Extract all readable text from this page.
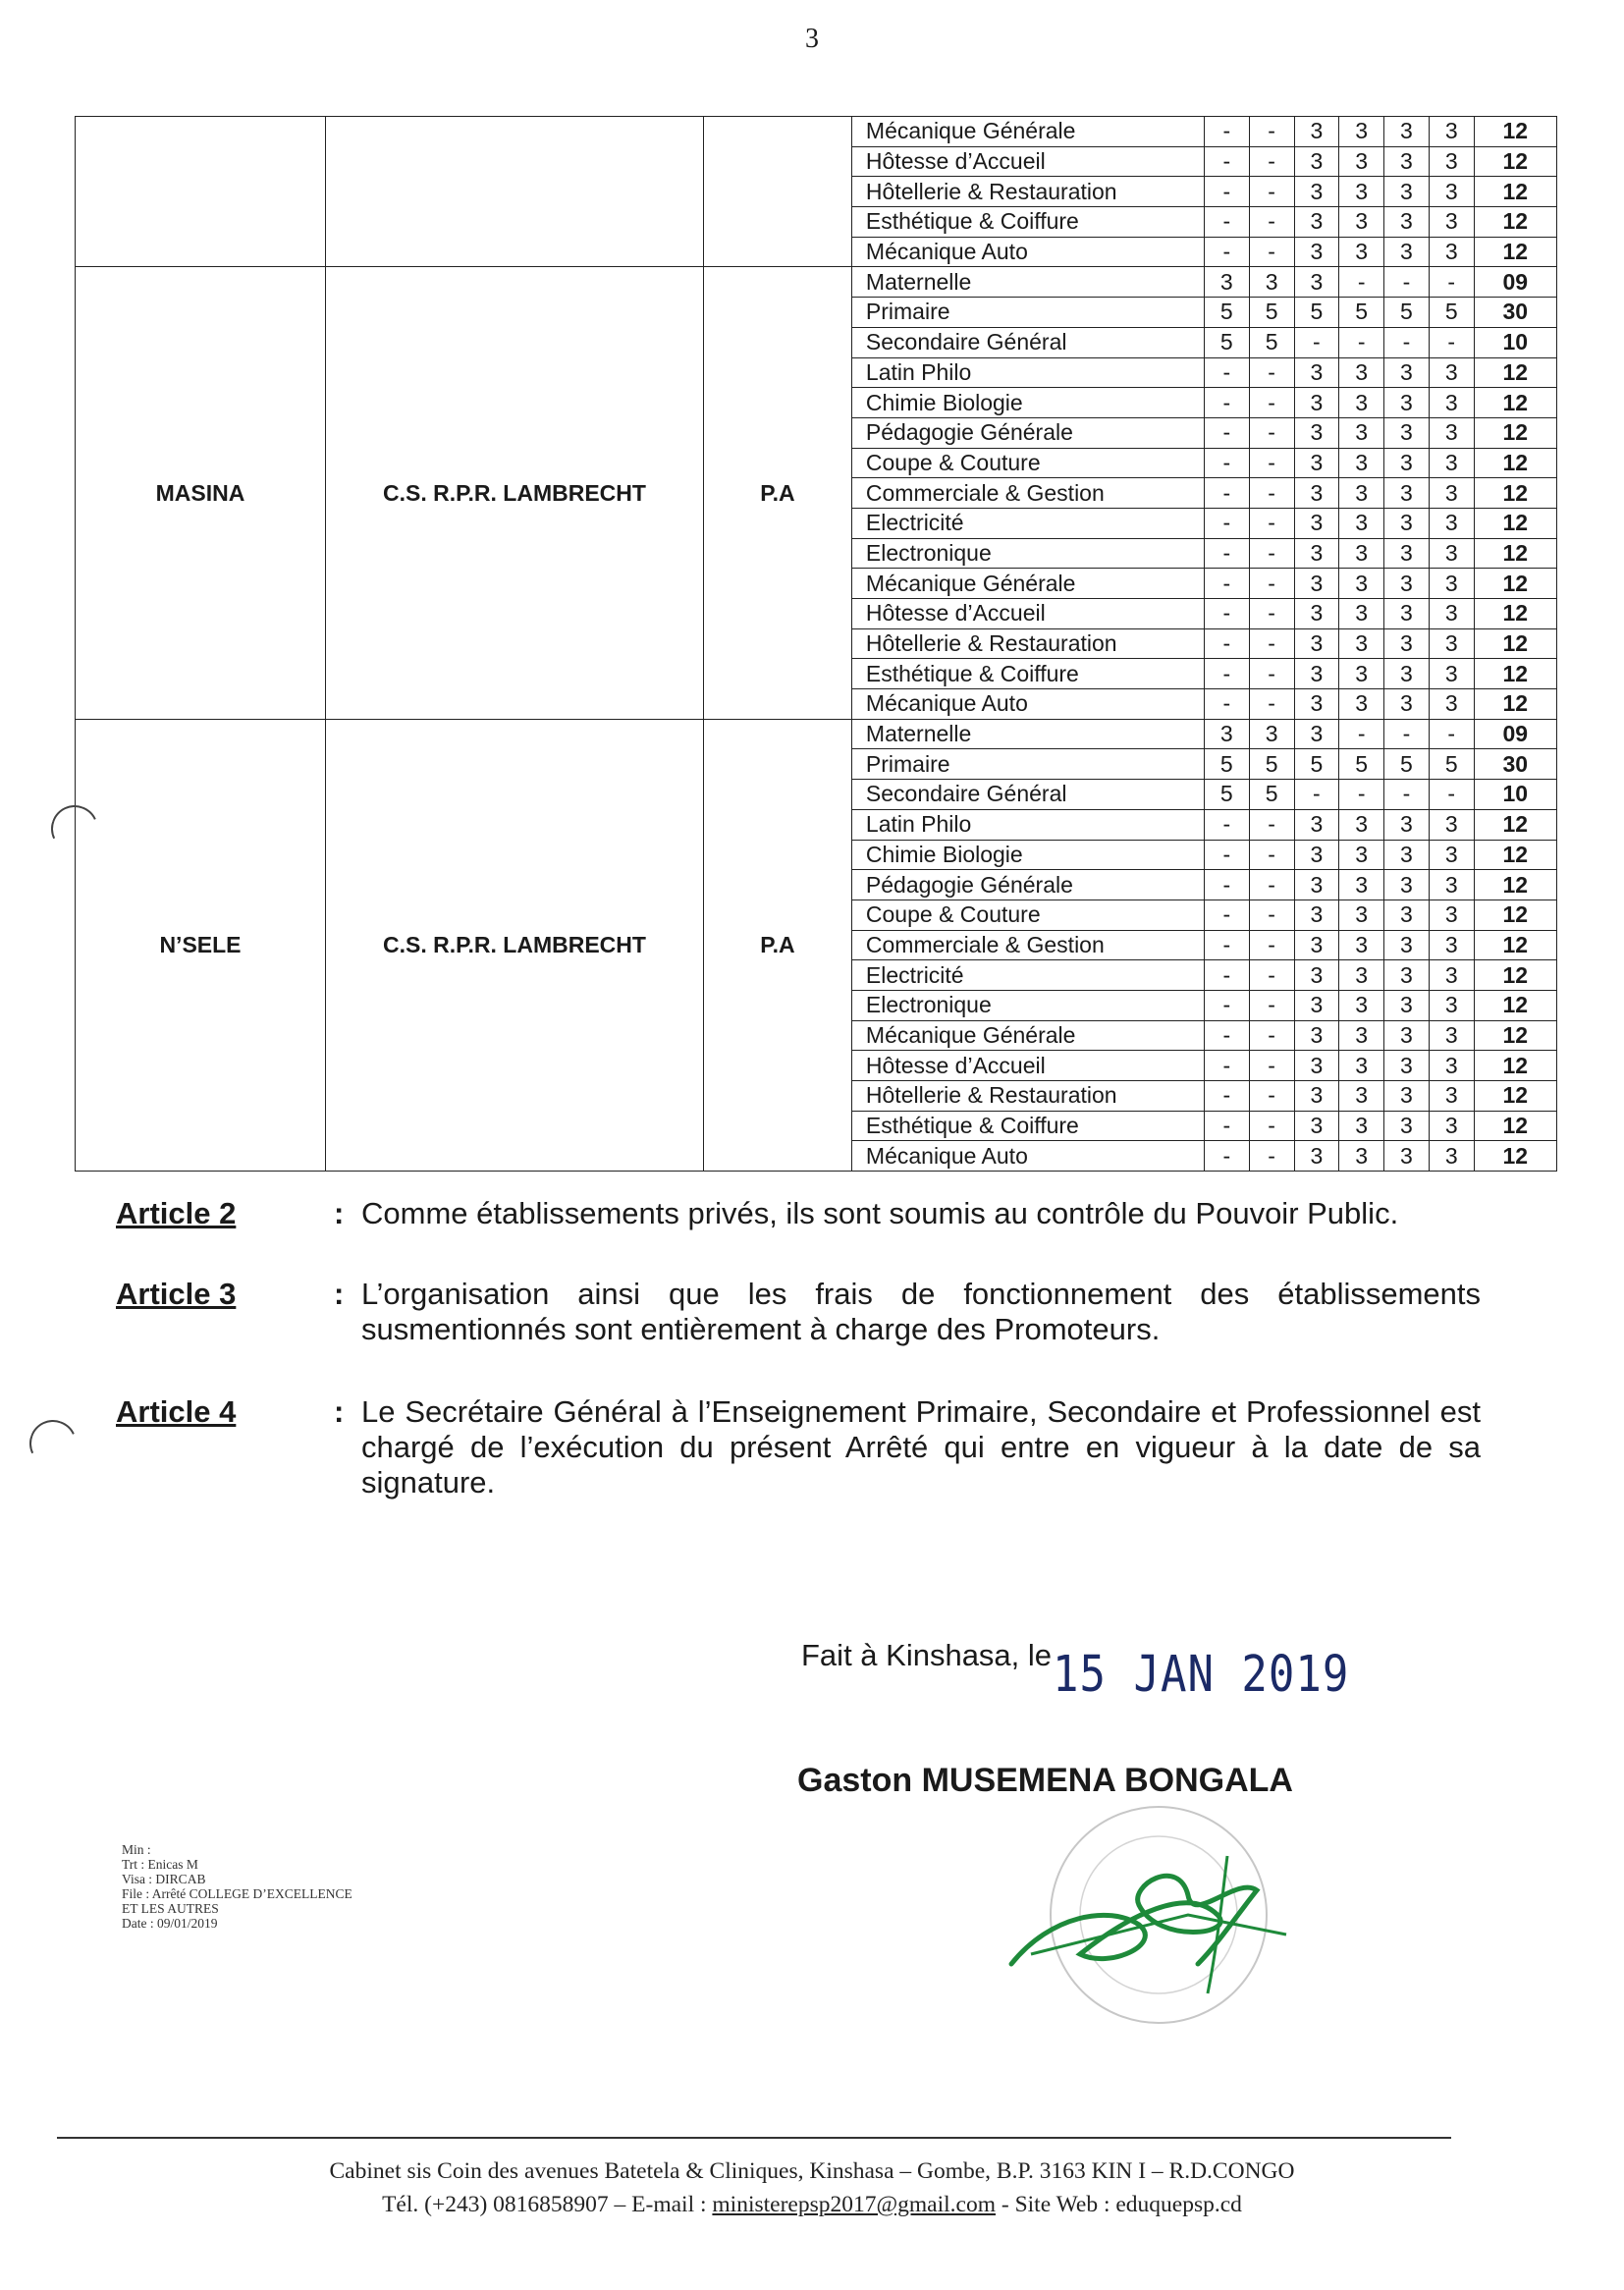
3
			Mécanique Générale	-	-	3	3	3	3	12
			Hôtesse d’Accueil	-	-	3	3	3	3	12
			Hôtellerie & Restauration	-	-	3	3	3	3	12
			Esthétique & Coiffure	-	-	3	3	3	3	12
			Mécanique Auto	-	-	3	3	3	3	12
MASINA	C.S. R.P.R. LAMBRECHT	P.A	Maternelle	3	3	3	-	-	-	09
			Primaire	5	5	5	5	5	5	30
			Secondaire Général	5	5	-	-	-	-	10
			Latin Philo	-	-	3	3	3	3	12
			Chimie Biologie	-	-	3	3	3	3	12
			Pédagogie Générale	-	-	3	3	3	3	12
			Coupe & Couture	-	-	3	3	3	3	12
			Commerciale & Gestion	-	-	3	3	3	3	12
			Electricité	-	-	3	3	3	3	12
			Electronique	-	-	3	3	3	3	12
			Mécanique Générale	-	-	3	3	3	3	12
			Hôtesse d’Accueil	-	-	3	3	3	3	12
			Hôtellerie & Restauration	-	-	3	3	3	3	12
			Esthétique & Coiffure	-	-	3	3	3	3	12
			Mécanique Auto	-	-	3	3	3	3	12
N’SELE	C.S. R.P.R. LAMBRECHT	P.A	Maternelle	3	3	3	-	-	-	09
			Primaire	5	5	5	5	5	5	30
			Secondaire Général	5	5	-	-	-	-	10
			Latin Philo	-	-	3	3	3	3	12
			Chimie Biologie	-	-	3	3	3	3	12
			Pédagogie Générale	-	-	3	3	3	3	12
			Coupe & Couture	-	-	3	3	3	3	12
			Commerciale & Gestion	-	-	3	3	3	3	12
			Electricité	-	-	3	3	3	3	12
			Electronique	-	-	3	3	3	3	12
			Mécanique Générale	-	-	3	3	3	3	12
			Hôtesse d’Accueil	-	-	3	3	3	3	12
			Hôtellerie & Restauration	-	-	3	3	3	3	12
			Esthétique & Coiffure	-	-	3	3	3	3	12
			Mécanique Auto	-	-	3	3	3	3	12
Article 2	: Comme établissements privés, ils sont soumis au contrôle du Pouvoir Public.
Article 3	: L’organisation ainsi que les frais de fonctionnement des établissements susmentionnés sont entièrement à charge des Promoteurs.
Article 4	: Le Secrétaire Général à l’Enseignement Primaire, Secondaire et Professionnel est chargé de l’exécution du présent Arrêté qui entre en vigueur à la date de sa signature.
Fait à Kinshasa, le 15 JAN 2019
Gaston MUSEMENA BONGALA
Min :
Trt : Enicas M
Visa : DIRCAB
File : Arrêté COLLEGE D’EXCELLENCE
ET LES AUTRES
Date : 09/01/2019
Cabinet sis Coin des avenues Batetela & Cliniques, Kinshasa – Gombe, B.P. 3163 KIN I – R.D.CONGO
Tél. (+243) 0816858907 – E-mail : ministerepsp2017@gmail.com - Site Web : eduquepsp.cd
